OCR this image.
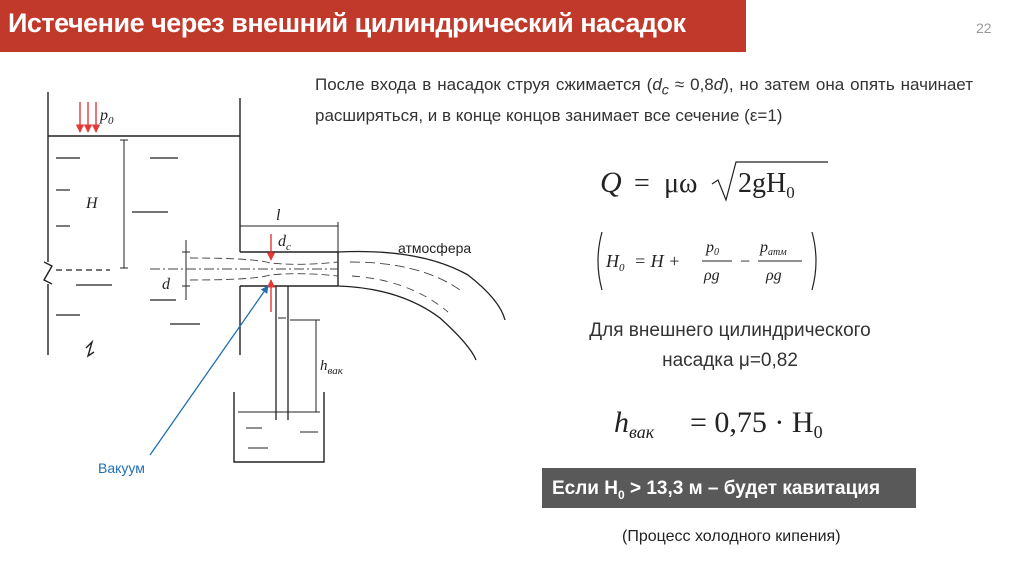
Истечение через внешний цилиндрический насадок	22
После входа в насадок струя сжимается $(d_c \approx 0,8d)$, но затем она опять начинает расширяться, и в конце концов занимает все сечение (ε=1)
$p_0$
H
d
l
$d_c$	атмосфера
$h_{вак}$
Вакуум
Q = μω $2gH_0$
$H_0 = H$ +
p0
ρg
−
pатм
ρg
Для внешнего цилиндрического
насадка μ=0,82
$h_{вак} = 0,75 \cdot H_0$
Если $H_0 > 13,3$ м – будет кавитация
(Процесс холодного кипения)
